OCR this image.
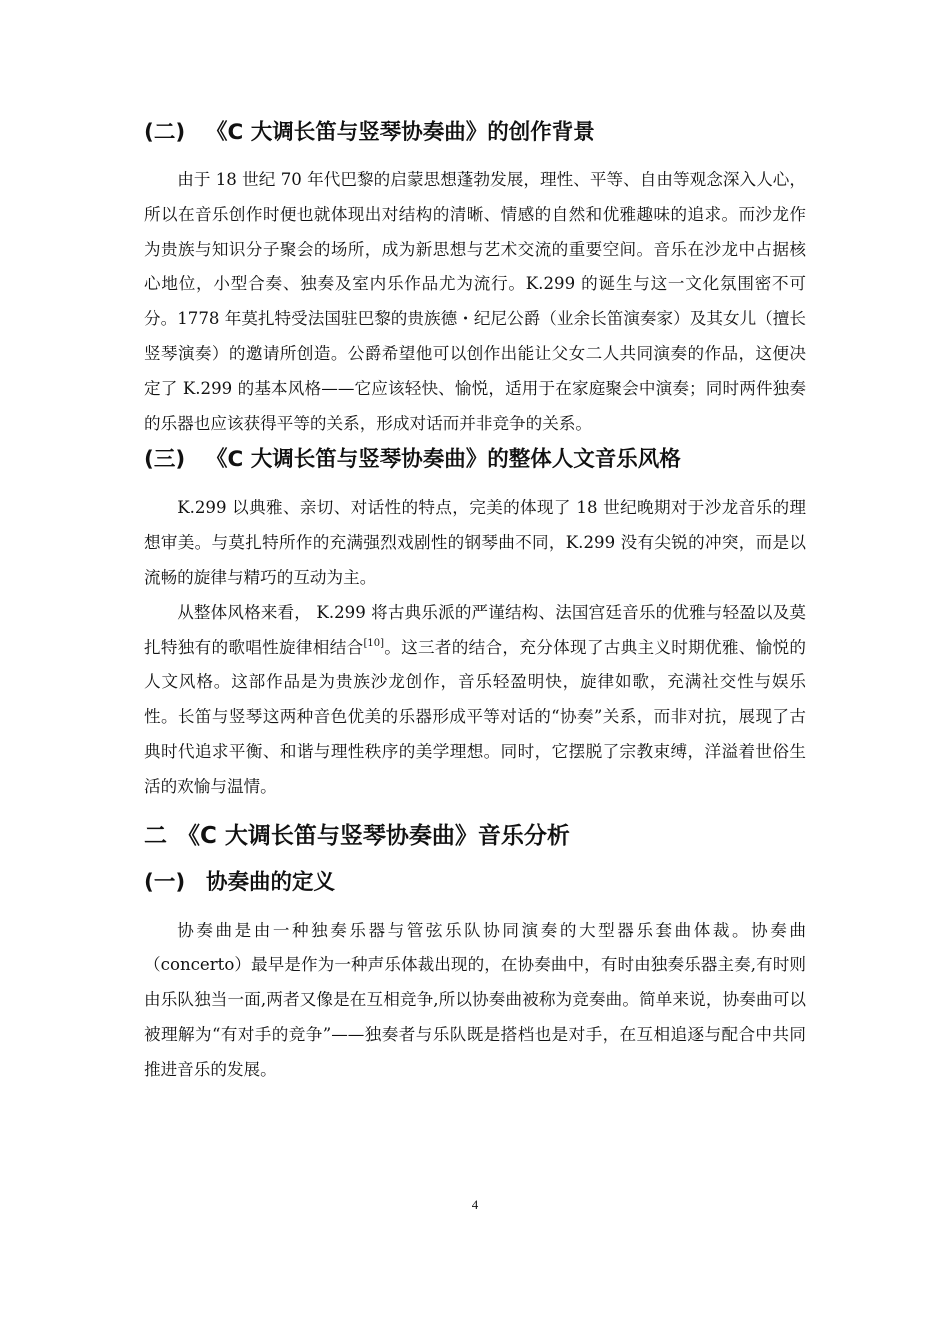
(二) 《C 大调长笛与竖琴协奏曲》的创作背景

由于 18 世纪 70 年代巴黎的启蒙思想蓬勃发展，理性、平等、自由等观念深入人心，所以在音乐创作时便也就体现出对结构的清晰、情感的自然和优雅趣味的追求。而沙龙作为贵族与知识分子聚会的场所，成为新思想与艺术交流的重要空间。音乐在沙龙中占据核心地位，小型合奏、独奏及室内乐作品尤为流行。K.299 的诞生与这一文化氛围密不可分。1778 年莫扎特受法国驻巴黎的贵族德・纪尼公爵（业余长笛演奏家）及其女儿（擅长竖琴演奏）的邀请所创造。公爵希望他可以创作出能让父女二人共同演奏的作品，这便决定了 K.299 的基本风格——它应该轻快、愉悦，适用于在家庭聚会中演奏；同时两件独奏的乐器也应该获得平等的关系，形成对话而并非竞争的关系。

(三) 《C 大调长笛与竖琴协奏曲》的整体人文音乐风格

K.299 以典雅、亲切、对话性的特点，完美的体现了 18 世纪晚期对于沙龙音乐的理想审美。与莫扎特所作的充满强烈戏剧性的钢琴曲不同，K.299 没有尖锐的冲突，而是以流畅的旋律与精巧的互动为主。

从整体风格来看， K.299 将古典乐派的严谨结构、法国宫廷音乐的优雅与轻盈以及莫扎特独有的歌唱性旋律相结合[10]。这三者的结合，充分体现了古典主义时期优雅、愉悦的人文风格。这部作品是为贵族沙龙创作，音乐轻盈明快，旋律如歌，充满社交性与娱乐性。长笛与竖琴这两种音色优美的乐器形成平等对话的“协奏”关系，而非对抗，展现了古典时代追求平衡、和谐与理性秩序的美学理想。同时，它摆脱了宗教束缚，洋溢着世俗生活的欢愉与温情。

二 《C 大调长笛与竖琴协奏曲》音乐分析
(一) 协奏曲的定义

协奏曲是由一种独奏乐器与管弦乐队协同演奏的大型器乐套曲体裁。协奏曲（concerto）最早是作为一种声乐体裁出现的，在协奏曲中，有时由独奏乐器主奏,有时则由乐队独当一面,两者又像是在互相竞争,所以协奏曲被称为竞奏曲。简单来说，协奏曲可以被理解为“有对手的竞争”——独奏者与乐队既是搭档也是对手，在互相追逐与配合中共同推进音乐的发展。

4
